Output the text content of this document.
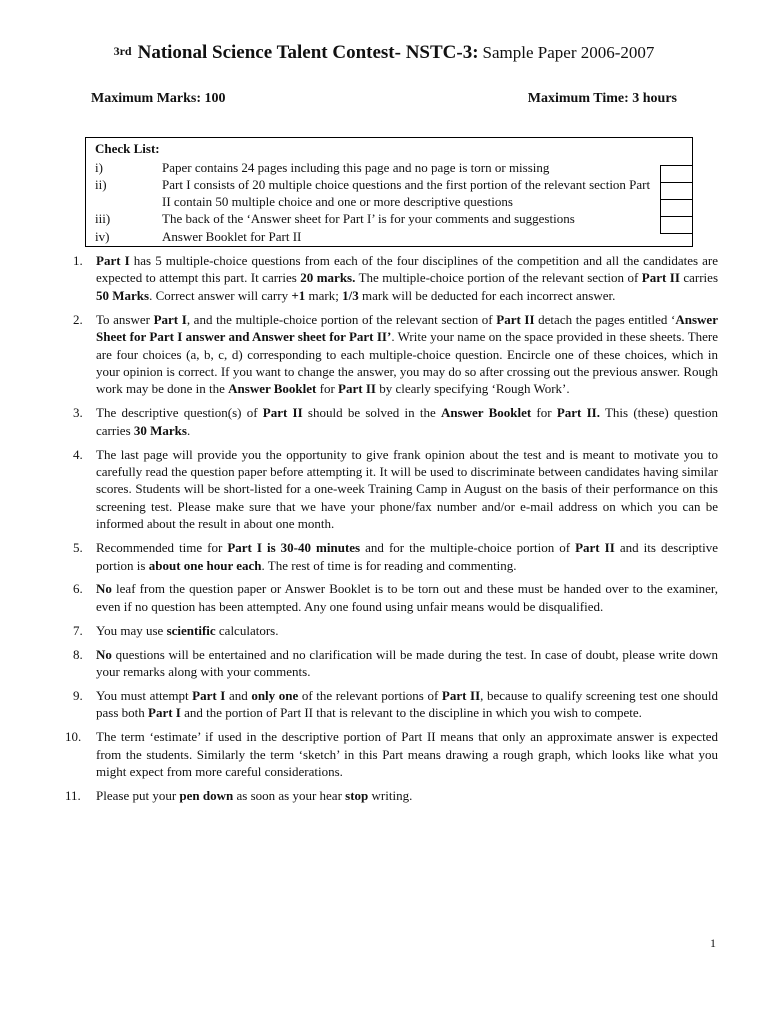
$^{3rd}$ National Science Talent Contest- NSTC-3: Sample Paper 2006-2007
Maximum Marks: 100	Maximum Time: 3 hours
Check List:
i)	Paper contains 24 pages including this page and no page is torn or missing
ii)	Part I consists of 20 multiple choice questions and the first portion of the relevant section Part II contain 50 multiple choice and one or more descriptive questions
iii)	The back of the ‘Answer sheet for Part I’ is for your comments and suggestions
iv)	Answer Booklet for Part II
1.	Part I has 5 multiple-choice questions from each of the four disciplines of the competition and all the candidates are expected to attempt this part. It carries 20 marks. The multiple-choice portion of the relevant section of Part II carries 50 Marks. Correct answer will carry +1 mark; 1/3 mark will be deducted for each incorrect answer.
2.	To answer Part I, and the multiple-choice portion of the relevant section of Part II detach the pages entitled ‘Answer Sheet for Part I answer and Answer sheet for Part II’. Write your name on the space provided in these sheets. There are four choices (a, b, c, d) corresponding to each multiple-choice question. Encircle one of these choices, which in your opinion is correct. If you want to change the answer, you may do so after crossing out the previous answer. Rough work may be done in the Answer Booklet for Part II by clearly specifying ‘Rough Work’.
3.	The descriptive question(s) of Part II should be solved in the Answer Booklet for Part II. This (these) question carries 30 Marks.
4.	The last page will provide you the opportunity to give frank opinion about the test and is meant to motivate you to carefully read the question paper before attempting it. It will be used to discriminate between candidates having similar scores. Students will be short-listed for a one-week Training Camp in August on the basis of their performance on this screening test. Please make sure that we have your phone/fax number and/or e-mail address on which you can be informed about the result in about one month.
5.	Recommended time for Part I is 30-40 minutes and for the multiple-choice portion of Part II and its descriptive portion is about one hour each. The rest of time is for reading and commenting.
6.	No leaf from the question paper or Answer Booklet is to be torn out and these must be handed over to the examiner, even if no question has been attempted. Any one found using unfair means would be disqualified.
7.	You may use scientific calculators.
8.	No questions will be entertained and no clarification will be made during the test. In case of doubt, please write down your remarks along with your comments.
9.	You must attempt Part I and only one of the relevant portions of Part II, because to qualify screening test one should pass both Part I and the portion of Part II that is relevant to the discipline in which you wish to compete.
10.	The term ‘estimate’ if used in the descriptive portion of Part II means that only an approximate answer is expected from the students. Similarly the term ‘sketch’ in this Part means drawing a rough graph, which looks like what you might expect from more careful considerations.
11.	Please put your pen down as soon as your hear stop writing.
1
